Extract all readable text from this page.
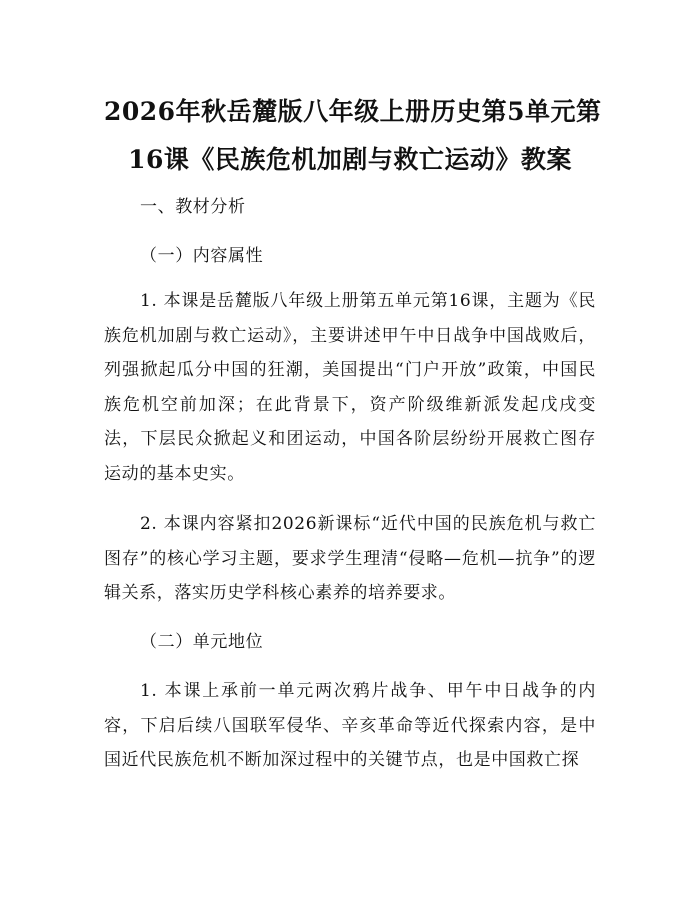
2026年秋岳麓版八年级上册历史第5单元第
16课《民族危机加剧与救亡运动》教案
一、教材分析
（一）内容属性

1. 本课是岳麓版八年级上册第五单元第16课，主题为《民族危机加剧与救亡运动》，主要讲述甲午中日战争中国战败后，列强掀起瓜分中国的狂潮，美国提出“门户开放”政策，中国民族危机空前加深；在此背景下，资产阶级维新派发起戊戌变法，下层民众掀起义和团运动，中国各阶层纷纷开展救亡图存运动的基本史实。

2. 本课内容紧扣2026新课标“近代中国的民族危机与救亡图存”的核心学习主题，要求学生理清“侵略—危机—抗争”的逻辑关系，落实历史学科核心素养的培养要求。

（二）单元地位

1. 本课上承前一单元两次鸦片战争、甲午中日战争的内容，下启后续八国联军侵华、辛亥革命等近代探索内容，是中国近代民族危机不断加深过程中的关键节点，也是中国救亡探
